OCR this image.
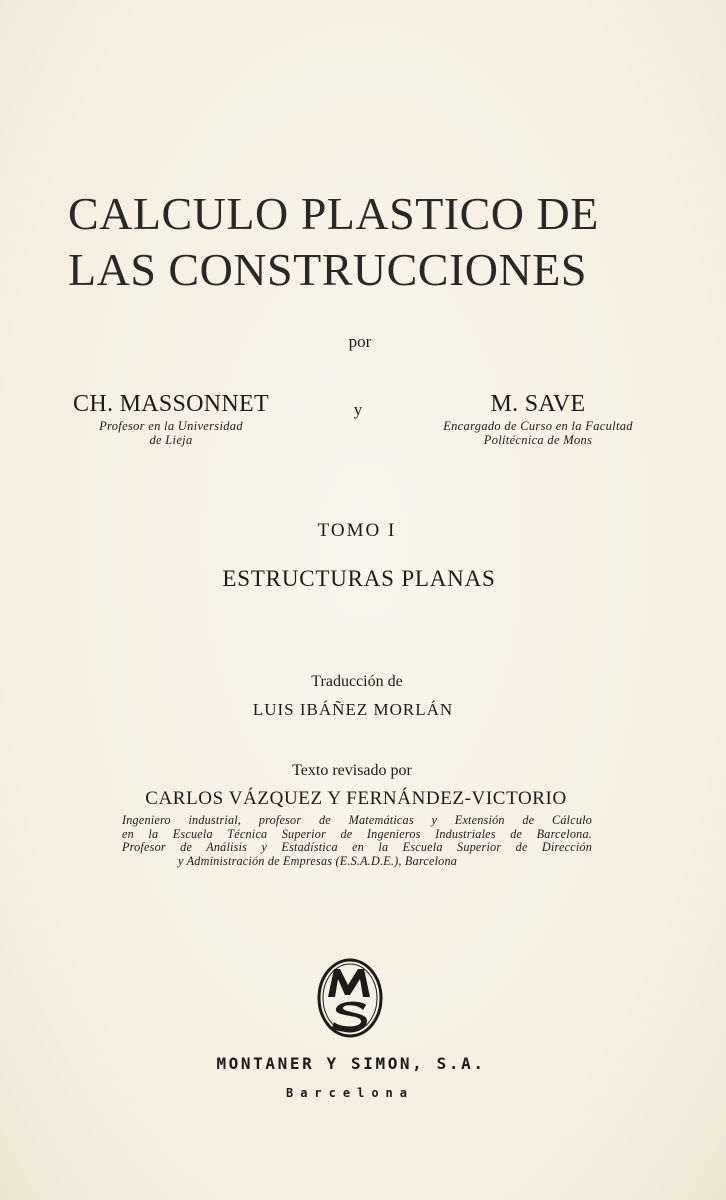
CALCULO PLASTICO DE
LAS CONSTRUCCIONES
por
CH. MASSONNET
Profesor en la Universidad
de Lieja
y	M. SAVE
Encargado de Curso en la Facultad
Politécnica de Mons
TOMO I
ESTRUCTURAS PLANAS
Traducción de
LUIS IBÁÑEZ MORLÁN
Texto revisado por
CARLOS VÁZQUEZ Y FERNÁNDEZ-VICTORIO
Ingeniero industrial, profesor de Matemáticas y Extensión de Cálculo
en la Escuela Técnica Superior de Ingenieros Industriales de Barcelona.
Profesor de Análisis y Estadística en la Escuela Superior de Dirección
y Administración de Empresas (E.S.A.D.E.), Barcelona
MONTANER Y SIMON, S.A.
Barcelona
